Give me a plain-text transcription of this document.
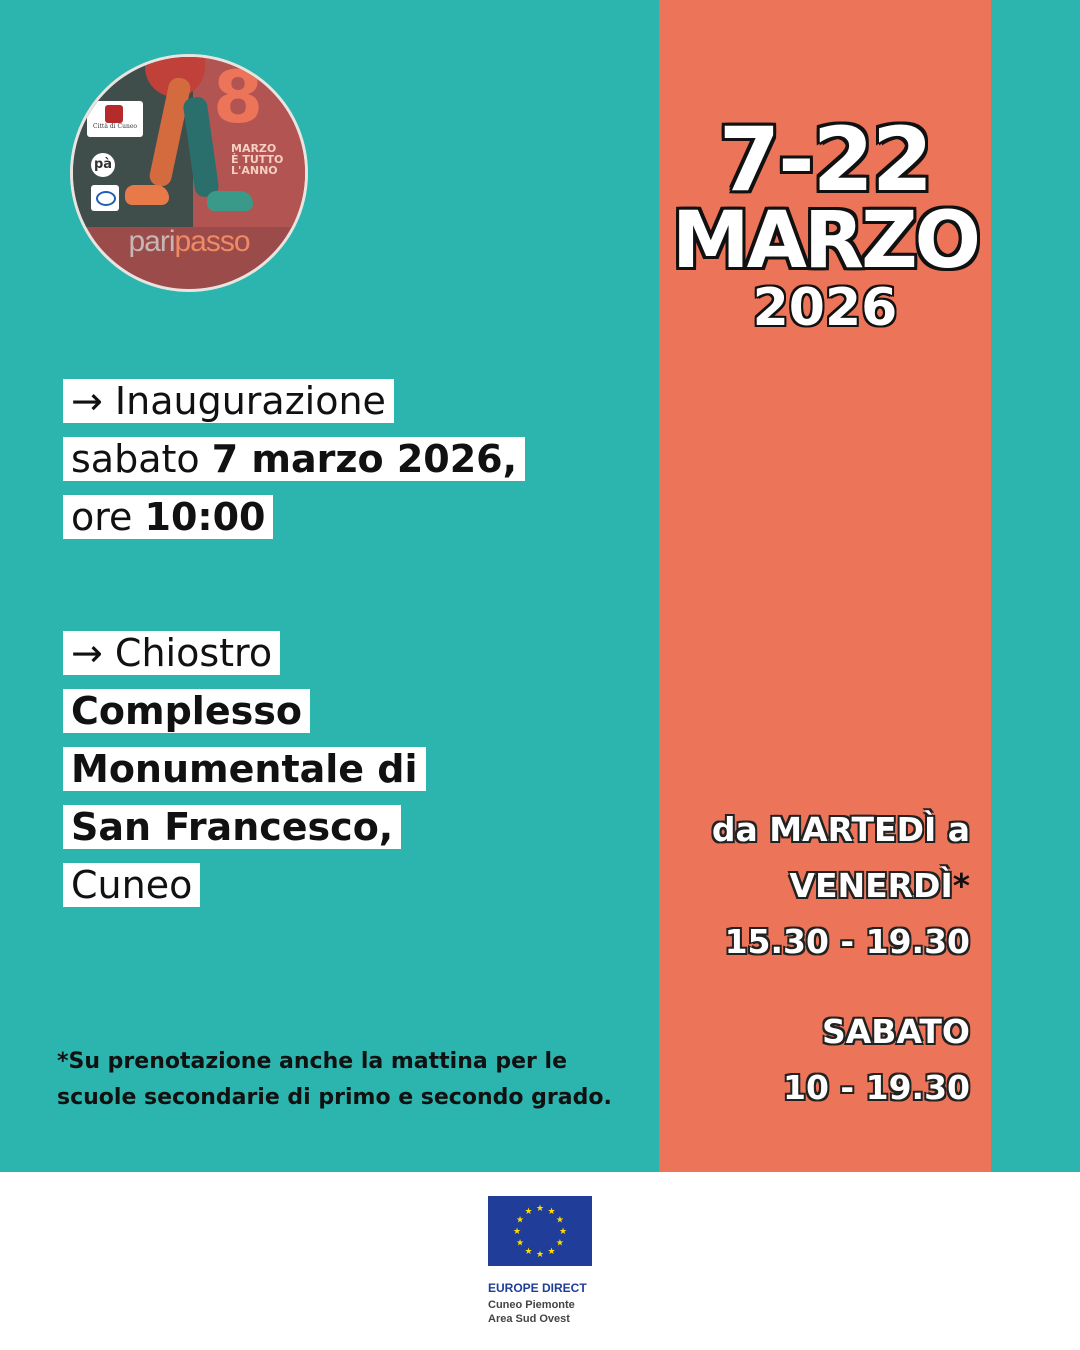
8
MARZO
È TUTTO
L'ANNO
Città di Cuneo
pà
paripasso
7-22
MARZO
2026
→ Inaugurazione
sabato 7 marzo 2026,
ore 10:00
→ Chiostro
Complesso
Monumentale di
San Francesco,
Cuneo
*Su prenotazione anche la mattina per le
scuole secondarie di primo e secondo grado.
da MARTEDÌ a
VENERDÌ*
15.30 - 19.30
SABATO
10 - 19.30
★ ★
★
★
★
★
★
★
★
★
★
★
EUROPE DIRECT
Cuneo Piemonte
Area Sud Ovest
